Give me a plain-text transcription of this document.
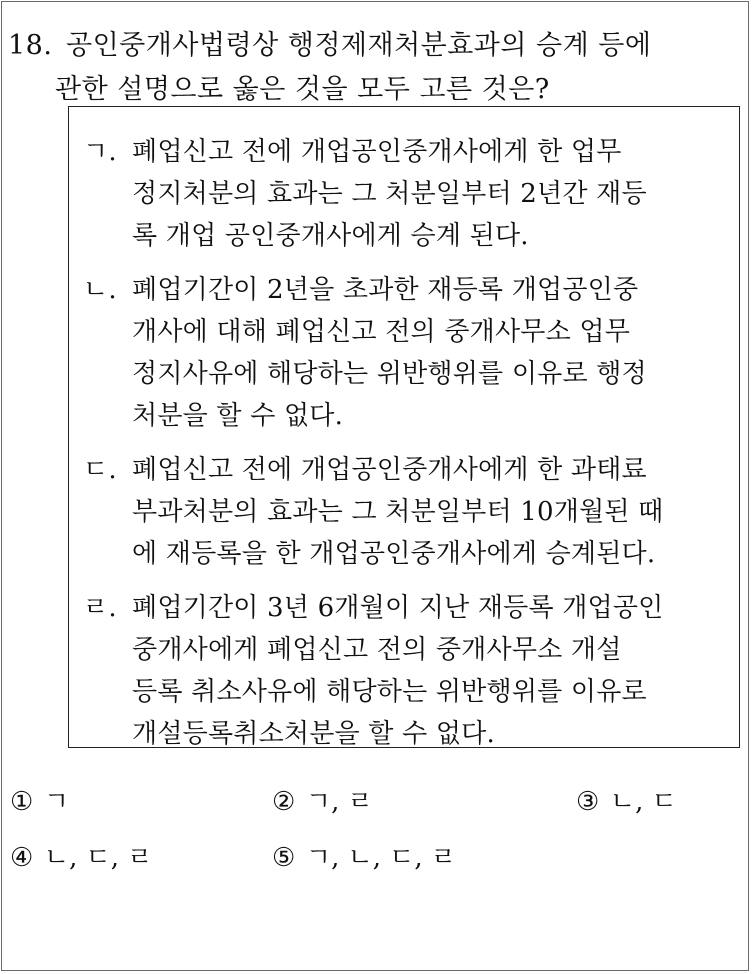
18. 공인중개사법령상 행정제재처분효과의 승계 등에
관한 설명으로 옳은 것을 모두 고른 것은?
ㄱ. 폐업신고 전에 개업공인중개사에게 한 업무
정지처분의 효과는 그 처분일부터 2년간 재등
록 개업 공인중개사에게 승계 된다.
ㄴ. 폐업기간이 2년을 초과한 재등록 개업공인중
개사에 대해 폐업신고 전의 중개사무소 업무
정지사유에 해당하는 위반행위를 이유로 행정
처분을 할 수 없다.
ㄷ. 폐업신고 전에 개업공인중개사에게 한 과태료
부과처분의 효과는 그 처분일부터 10개월된 때
에 재등록을 한 개업공인중개사에게 승계된다.
ㄹ. 폐업기간이 3년 6개월이 지난 재등록 개업공인
중개사에게 폐업신고 전의 중개사무소 개설
등록 취소사유에 해당하는 위반행위를 이유로
개설등록취소처분을 할 수 없다.
① ㄱ	② ㄱ, ㄹ	③ ㄴ, ㄷ
④ ㄴ, ㄷ, ㄹ	⑤ ㄱ, ㄴ, ㄷ, ㄹ
